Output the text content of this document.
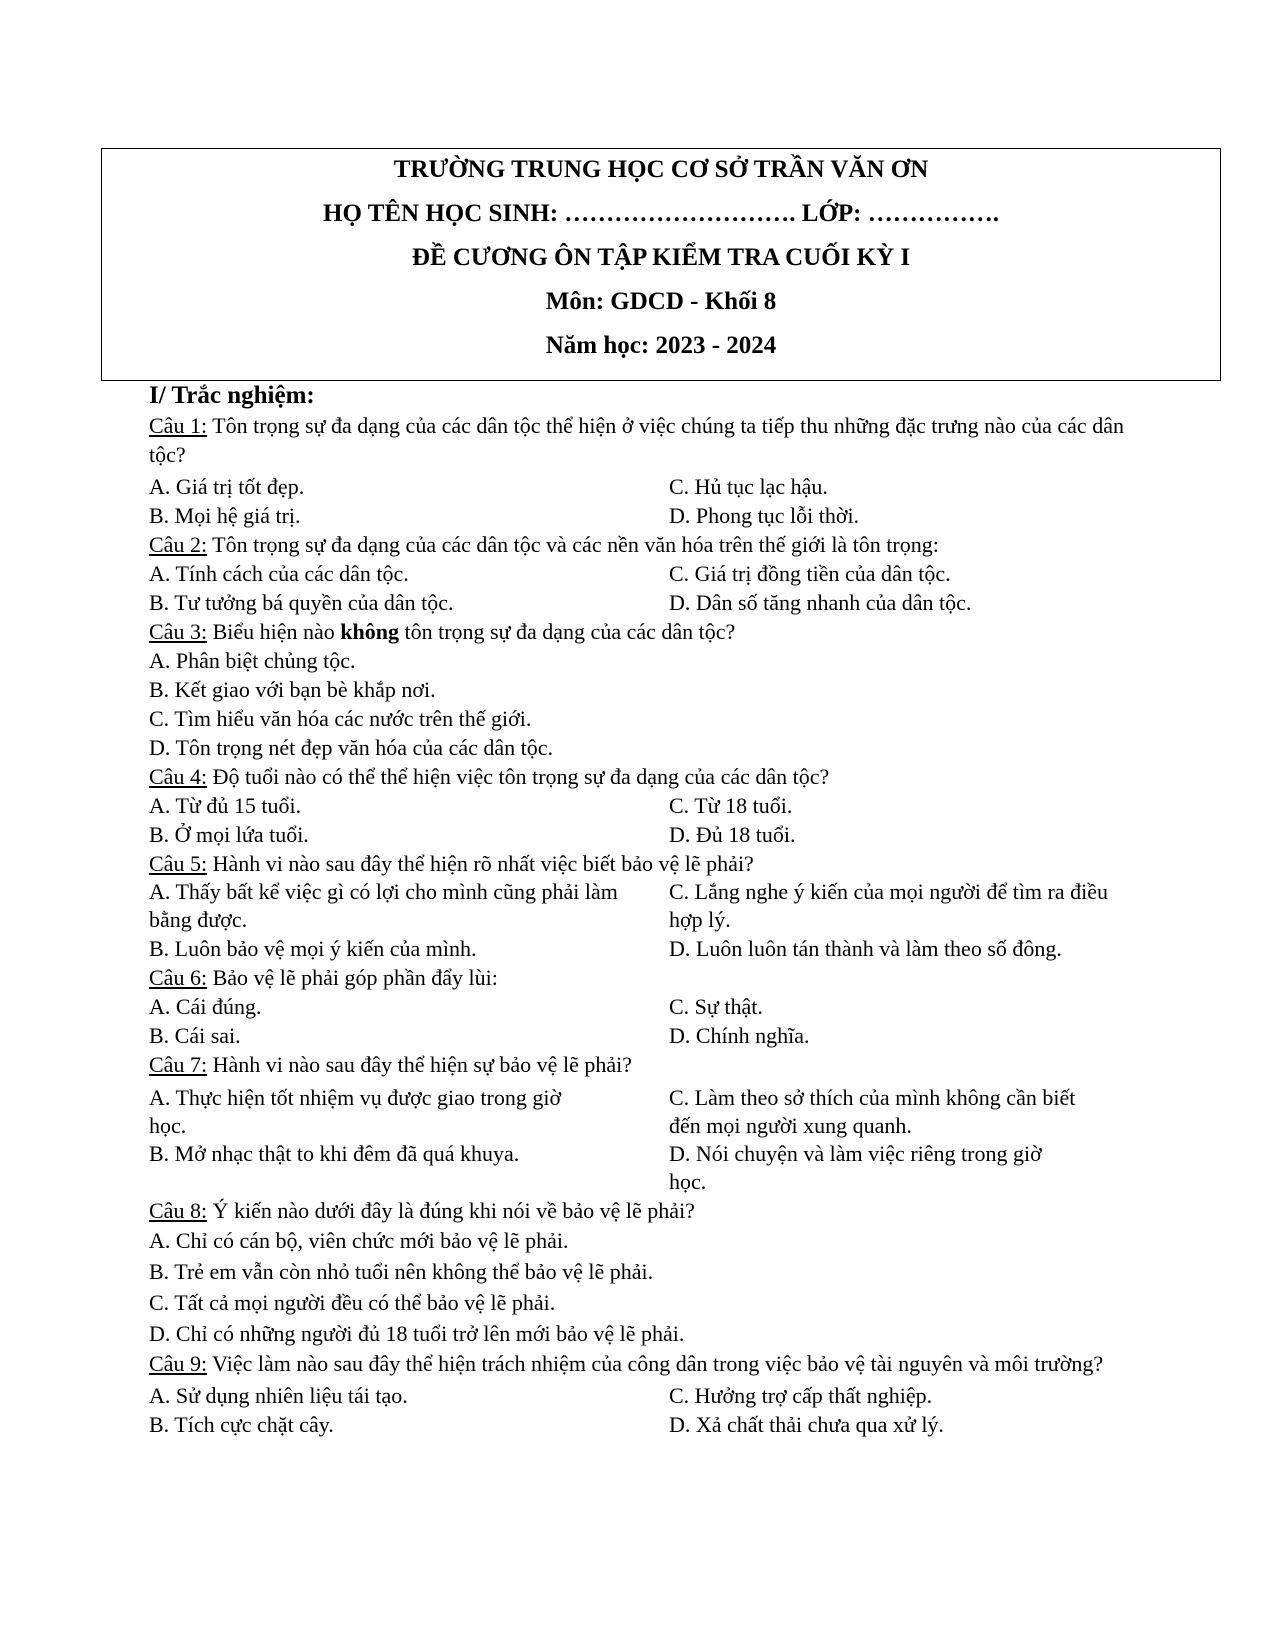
TRƯỜNG TRUNG HỌC CƠ SỞ TRẦN VĂN ƠN
HỌ TÊN HỌC SINH: ………………………. LỚP: …………….
ĐỀ CƯƠNG ÔN TẬP KIỂM TRA CUỐI KỲ I
Môn: GDCD - Khối 8
Năm học: 2023 - 2024
I/ Trắc nghiệm:
Câu 1: Tôn trọng sự đa dạng của các dân tộc thể hiện ở việc chúng ta tiếp thu những đặc trưng nào của các dân tộc?
A. Giá trị tốt đẹp.
B. Mọi hệ giá trị.
C. Hủ tục lạc hậu.
D. Phong tục lỗi thời.
Câu 2: Tôn trọng sự đa dạng của các dân tộc và các nền văn hóa trên thế giới là tôn trọng:
A. Tính cách của các dân tộc.
B. Tư tưởng bá quyền của dân tộc.
C. Giá trị đồng tiền của dân tộc.
D. Dân số tăng nhanh của dân tộc.
Câu 3: Biểu hiện nào không tôn trọng sự đa dạng của các dân tộc?
A. Phân biệt chủng tộc.
B. Kết giao với bạn bè khắp nơi.
C. Tìm hiểu văn hóa các nước trên thế giới.
D. Tôn trọng nét đẹp văn hóa của các dân tộc.
Câu 4: Độ tuổi nào có thể thể hiện việc tôn trọng sự đa dạng của các dân tộc?
A. Từ đủ 15 tuổi.
B. Ở mọi lứa tuổi.
C. Từ 18 tuổi.
D. Đủ 18 tuổi.
Câu 5: Hành vi nào sau đây thể hiện rõ nhất việc biết bảo vệ lẽ phải?
A. Thấy bất kể việc gì có lợi cho mình cũng phải làm bằng được.
C. Lắng nghe ý kiến của mọi người để tìm ra điều hợp lý.
B. Luôn bảo vệ mọi ý kiến của mình.	D. Luôn luôn tán thành và làm theo số đông.
Câu 6: Bảo vệ lẽ phải góp phần đẩy lùi:
A. Cái đúng.
B. Cái sai.
C. Sự thật.
D. Chính nghĩa.
Câu 7: Hành vi nào sau đây thể hiện sự bảo vệ lẽ phải?
A. Thực hiện tốt nhiệm vụ được giao trong giờ học.
C. Làm theo sở thích của mình không cần biết đến mọi người xung quanh.
B. Mở nhạc thật to khi đêm đã quá khuya.	D. Nói chuyện và làm việc riêng trong giờ học.
Câu 8: Ý kiến nào dưới đây là đúng khi nói về bảo vệ lẽ phải?
A. Chỉ có cán bộ, viên chức mới bảo vệ lẽ phải.
B. Trẻ em vẫn còn nhỏ tuổi nên không thể bảo vệ lẽ phải.
C. Tất cả mọi người đều có thể bảo vệ lẽ phải.
D. Chỉ có những người đủ 18 tuổi trở lên mới bảo vệ lẽ phải.
Câu 9: Việc làm nào sau đây thể hiện trách nhiệm của công dân trong việc bảo vệ tài nguyên và môi trường?
A. Sử dụng nhiên liệu tái tạo.
B. Tích cực chặt cây.
C. Hưởng trợ cấp thất nghiệp.
D. Xả chất thải chưa qua xử lý.
